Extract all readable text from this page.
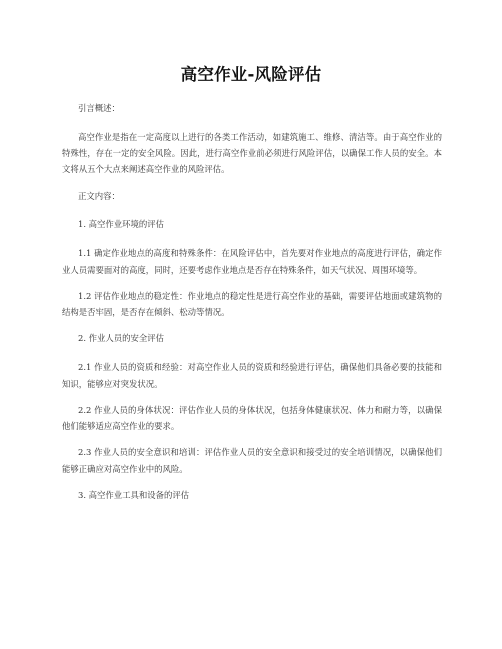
高空作业-风险评估

引言概述：

高空作业是指在一定高度以上进行的各类工作活动，如建筑施工、维修、清洁等。由于高空作业的特殊性，存在一定的安全风险。因此，进行高空作业前必须进行风险评估，以确保工作人员的安全。本文将从五个大点来阐述高空作业的风险评估。

正文内容：

1. 高空作业环境的评估

1.1 确定作业地点的高度和特殊条件：在风险评估中，首先要对作业地点的高度进行评估，确定作业人员需要面对的高度，同时，还要考虑作业地点是否存在特殊条件，如天气状况、周围环境等。

1.2 评估作业地点的稳定性：作业地点的稳定性是进行高空作业的基础，需要评估地面或建筑物的结构是否牢固，是否存在倾斜、松动等情况。

2. 作业人员的安全评估

2.1 作业人员的资质和经验：对高空作业人员的资质和经验进行评估，确保他们具备必要的技能和知识，能够应对突发状况。

2.2 作业人员的身体状况：评估作业人员的身体状况，包括身体健康状况、体力和耐力等，以确保他们能够适应高空作业的要求。

2.3 作业人员的安全意识和培训：评估作业人员的安全意识和接受过的安全培训情况，以确保他们能够正确应对高空作业中的风险。

3. 高空作业工具和设备的评估
